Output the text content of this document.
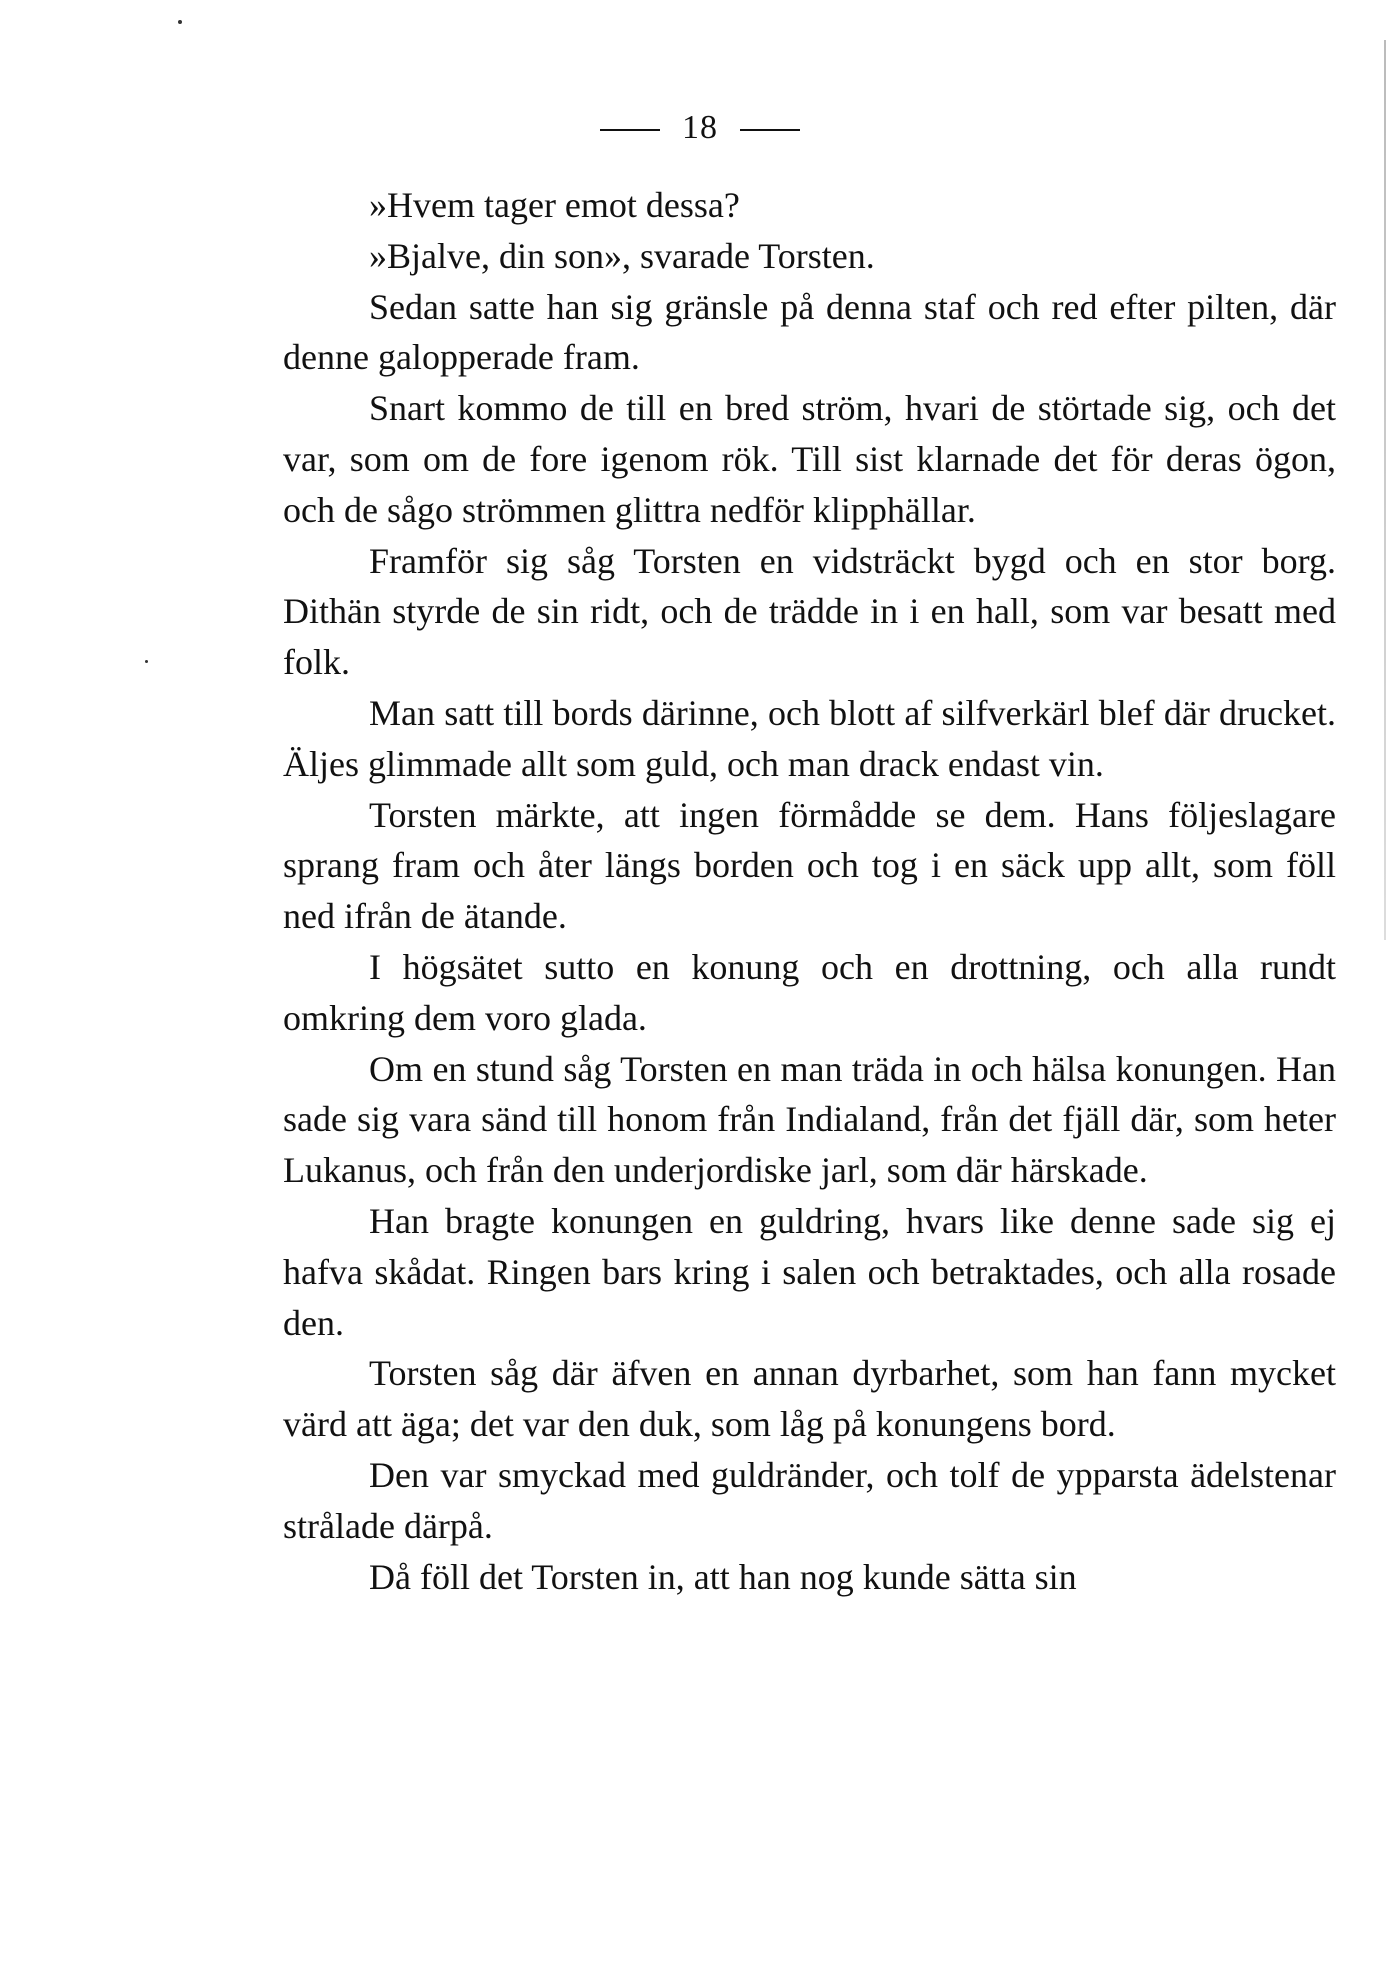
18

»Hvem tager emot dessa?

»Bjalve, din son», svarade Torsten.

Sedan satte han sig gränsle på denna staf och red efter pilten, där denne galopperade fram.

Snart kommo de till en bred ström, hvari de störtade sig, och det var, som om de fore igenom rök. Till sist klarnade det för deras ögon, och de sågo strömmen glittra nedför klipphällar.

Framför sig såg Torsten en vidsträckt bygd och en stor borg. Dithän styrde de sin ridt, och de trädde in i en hall, som var besatt med folk.

Man satt till bords därinne, och blott af silfverkärl blef där drucket. Äljes glimmade allt som guld, och man drack endast vin.

Torsten märkte, att ingen förmådde se dem. Hans följeslagare sprang fram och åter längs borden och tog i en säck upp allt, som föll ned ifrån de ätande.

I högsätet sutto en konung och en drottning, och alla rundt omkring dem voro glada.

Om en stund såg Torsten en man träda in och hälsa konungen. Han sade sig vara sänd till honom från Indialand, från det fjäll där, som heter Lukanus, och från den underjordiske jarl, som där härskade.

Han bragte konungen en guldring, hvars like denne sade sig ej hafva skådat. Ringen bars kring i salen och betraktades, och alla rosade den.

Torsten såg där äfven en annan dyrbarhet, som han fann mycket värd att äga; det var den duk, som låg på konungens bord.

Den var smyckad med guldränder, och tolf de ypparsta ädelstenar strålade därpå.

Då föll det Torsten in, att han nog kunde sätta sin
